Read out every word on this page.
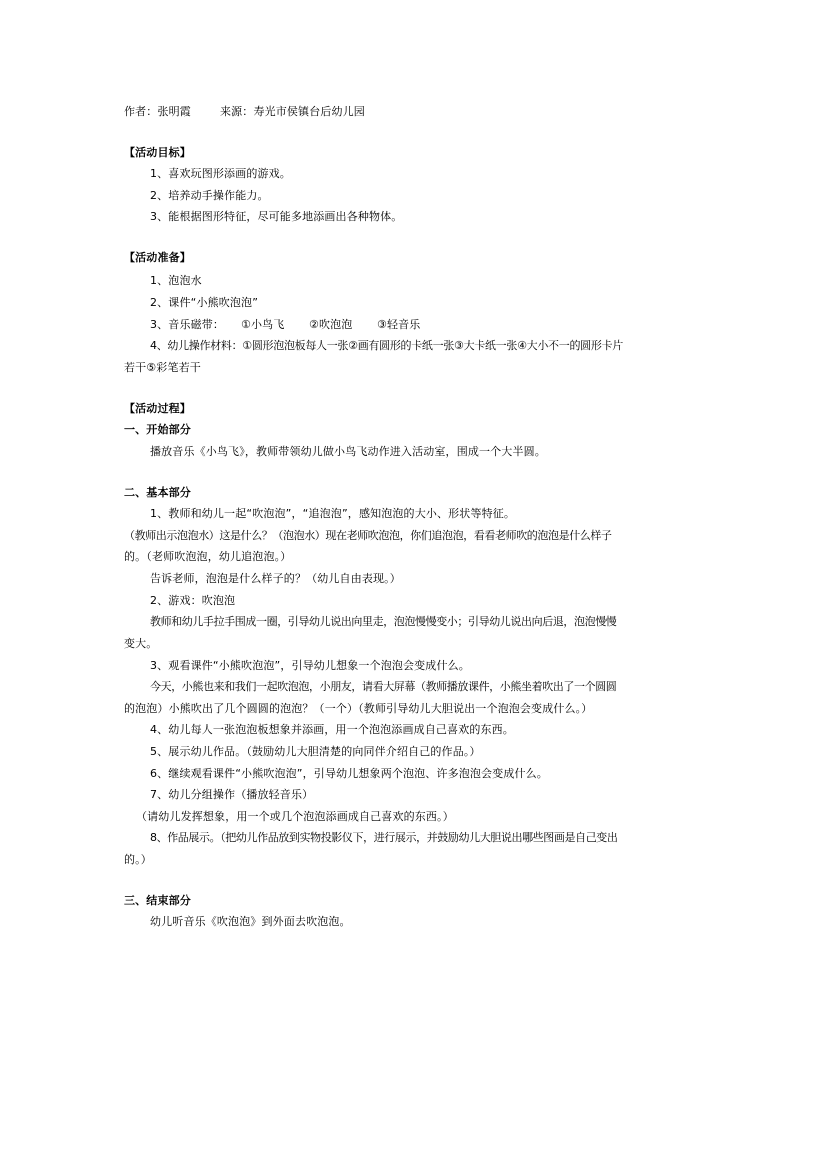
作者：张明霞	来源：寿光市侯镇台后幼儿园
【活动目标】
1、喜欢玩图形添画的游戏。
2、培养动手操作能力。
3、能根据图形特征，尽可能多地添画出各种物体。
【活动准备】
1、泡泡水
2、课件“小熊吹泡泡”
3、音乐磁带： ①小鸟飞 ②吹泡泡 ③轻音乐
4、幼儿操作材料：①圆形泡泡板每人一张②画有圆形的卡纸一张③大卡纸一张④大小不一的圆形卡片
若干⑤彩笔若干
【活动过程】
一、开始部分
播放音乐《小鸟飞》，教师带领幼儿做小鸟飞动作进入活动室，围成一个大半圆。
二、基本部分
1、教师和幼儿一起“吹泡泡”，“追泡泡”，感知泡泡的大小、形状等特征。
（教师出示泡泡水）这是什么？（泡泡水）现在老师吹泡泡，你们追泡泡，看看老师吹的泡泡是什么样子
的。（老师吹泡泡，幼儿追泡泡。）
告诉老师，泡泡是什么样子的？（幼儿自由表现。）
2、游戏：吹泡泡
教师和幼儿手拉手围成一圈，引导幼儿说出向里走，泡泡慢慢变小；引导幼儿说出向后退，泡泡慢慢
变大。
3、观看课件“小熊吹泡泡”，引导幼儿想象一个泡泡会变成什么。
今天，小熊也来和我们一起吹泡泡，小朋友，请看大屏幕（教师播放课件，小熊坐着吹出了一个圆圆
的泡泡）小熊吹出了几个圆圆的泡泡？（一个）（教师引导幼儿大胆说出一个泡泡会变成什么。）
4、幼儿每人一张泡泡板想象并添画，用一个泡泡添画成自己喜欢的东西。
5、展示幼儿作品。（鼓励幼儿大胆清楚的向同伴介绍自己的作品。）
6、继续观看课件“小熊吹泡泡”，引导幼儿想象两个泡泡、许多泡泡会变成什么。
7、幼儿分组操作（播放轻音乐）
（请幼儿发挥想象，用一个或几个泡泡添画成自己喜欢的东西。）
8、作品展示。（把幼儿作品放到实物投影仪下，进行展示，并鼓励幼儿大胆说出哪些图画是自己变出
的。）
三、结束部分
幼儿听音乐《吹泡泡》到外面去吹泡泡。
